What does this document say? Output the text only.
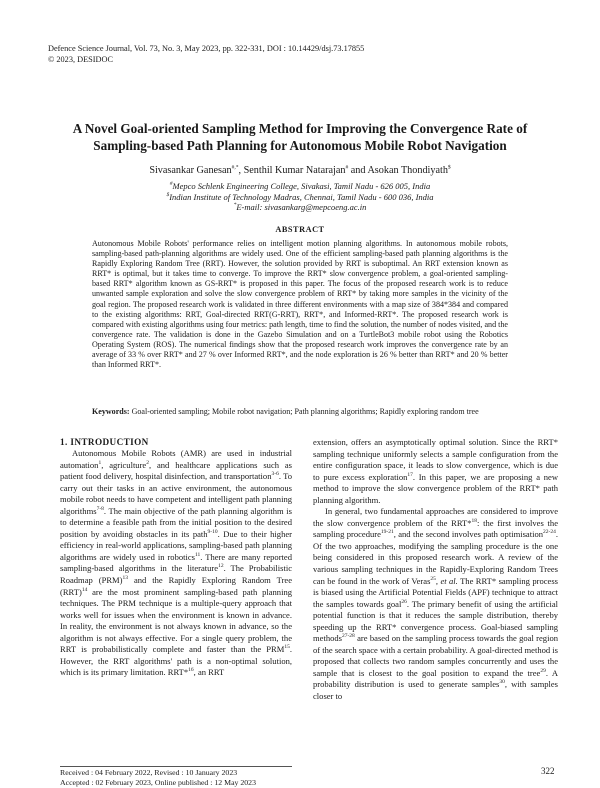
Defence Science Journal, Vol. 73, No. 3, May 2023, pp. 322-331, DOI : 10.14429/dsj.73.17855
© 2023, DESIDOC
A Novel Goal-oriented Sampling Method for Improving the Convergence Rate of
Sampling-based Path Planning for Autonomous Mobile Robot Navigation
Sivasankar Ganesan#,*, Senthil Kumar Natarajan# and Asokan Thondiyath$
#Mepco Schlenk Engineering College, Sivakasi, Tamil Nadu - 626 005, India
$Indian Institute of Technology Madras, Chennai, Tamil Nadu - 600 036, India
*E-mail: sivasankarg@mepcoeng.ac.in
ABSTRACT
Autonomous Mobile Robots' performance relies on intelligent motion planning algorithms. In autonomous mobile robots, sampling-based path-planning algorithms are widely used. One of the efficient sampling-based path planning algorithms is the Rapidly Exploring Random Tree (RRT). However, the solution provided by RRT is suboptimal. An RRT extension known as RRT* is optimal, but it takes time to converge. To improve the RRT* slow convergence problem, a goal-oriented sampling-based RRT* algorithm known as GS-RRT* is proposed in this paper. The focus of the proposed research work is to reduce unwanted sample exploration and solve the slow convergence problem of RRT* by taking more samples in the vicinity of the goal region. The proposed research work is validated in three different environments with a map size of 384*384 and compared to the existing algorithms: RRT, Goal-directed RRT(G-RRT), RRT*, and Informed-RRT*. The proposed research work is compared with existing algorithms using four metrics: path length, time to find the solution, the number of nodes visited, and the convergence rate. The validation is done in the Gazebo Simulation and on a TurtleBot3 mobile robot using the Robotics Operating System (ROS). The numerical findings show that the proposed research work improves the convergence rate by an average of 33 % over RRT* and 27 % over Informed RRT*, and the node exploration is 26 % better than RRT* and 20 % better than Informed RRT*.
Keywords: Goal-oriented sampling; Mobile robot navigation; Path planning algorithms; Rapidly exploring random tree
1. INTRODUCTION
Autonomous Mobile Robots (AMR) are used in industrial automation$^1$, agriculture$^2$, and healthcare applications such as patient food delivery, hospital disinfection, and transportation$^{3-6}$. To carry out their tasks in an active environment, the autonomous mobile robot needs to have competent and intelligent path planning algorithms$^{7-8}$. The main objective of the path planning algorithm is to determine a feasible path from the initial position to the desired position by avoiding obstacles in its path$^{9-10}$. Due to their higher efficiency in real-world applications, sampling-based path planning algorithms are widely used in robotics$^{11}$. There are many reported sampling-based algorithms in the literature$^{12}$. The Probabilistic Roadmap (PRM)$^{13}$ and the Rapidly Exploring Random Tree (RRT)$^{14}$ are the most prominent sampling-based path planning techniques. The PRM technique is a multiple-query approach that works well for issues when the environment is known in advance. In reality, the environment is not always known in advance, so the algorithm is not always effective. For a single query problem, the RRT is probabilistically complete and faster than the PRM$^{15}$. However, the RRT algorithms' path is a non-optimal solution, which is its primary limitation. RRT*$^{16}$, an RRT

extension, offers an asymptotically optimal solution. Since the RRT* sampling technique uniformly selects a sample configuration from the entire configuration space, it leads to slow convergence, which is due to pure excess exploration$^{17}$. In this paper, we are proposing a new method to improve the slow convergence problem of the RRT* path planning algorithm.

In general, two fundamental approaches are considered to improve the slow convergence problem of the RRT*$^{18}$: the first involves the sampling procedure$^{19-21}$, and the second involves path optimisation$^{22-24}$. Of the two approaches, modifying the sampling procedure is the one being considered in this proposed research work. A review of the various sampling techniques in the Rapidly-Exploring Random Trees can be found in the work of Veras$^{25}$, et al. The RRT* sampling process is biased using the Artificial Potential Fields (APF) technique to attract the samples towards goal$^{26}$. The primary benefit of using the artificial potential function is that it reduces the sample distribution, thereby speeding up the RRT* convergence process. Goal-biased sampling methods$^{27-28}$ are based on the sampling process towards the goal region of the search space with a certain probability. A goal-directed method is proposed that collects two random samples concurrently and uses the sample that is closest to the goal position to expand the tree$^{29}$. A probability distribution is used to generate samples$^{30}$, with samples closer to

Received : 04 February 2022, Revised : 10 January 2023
Accepted : 02 February 2023, Online published : 12 May 2023
322
